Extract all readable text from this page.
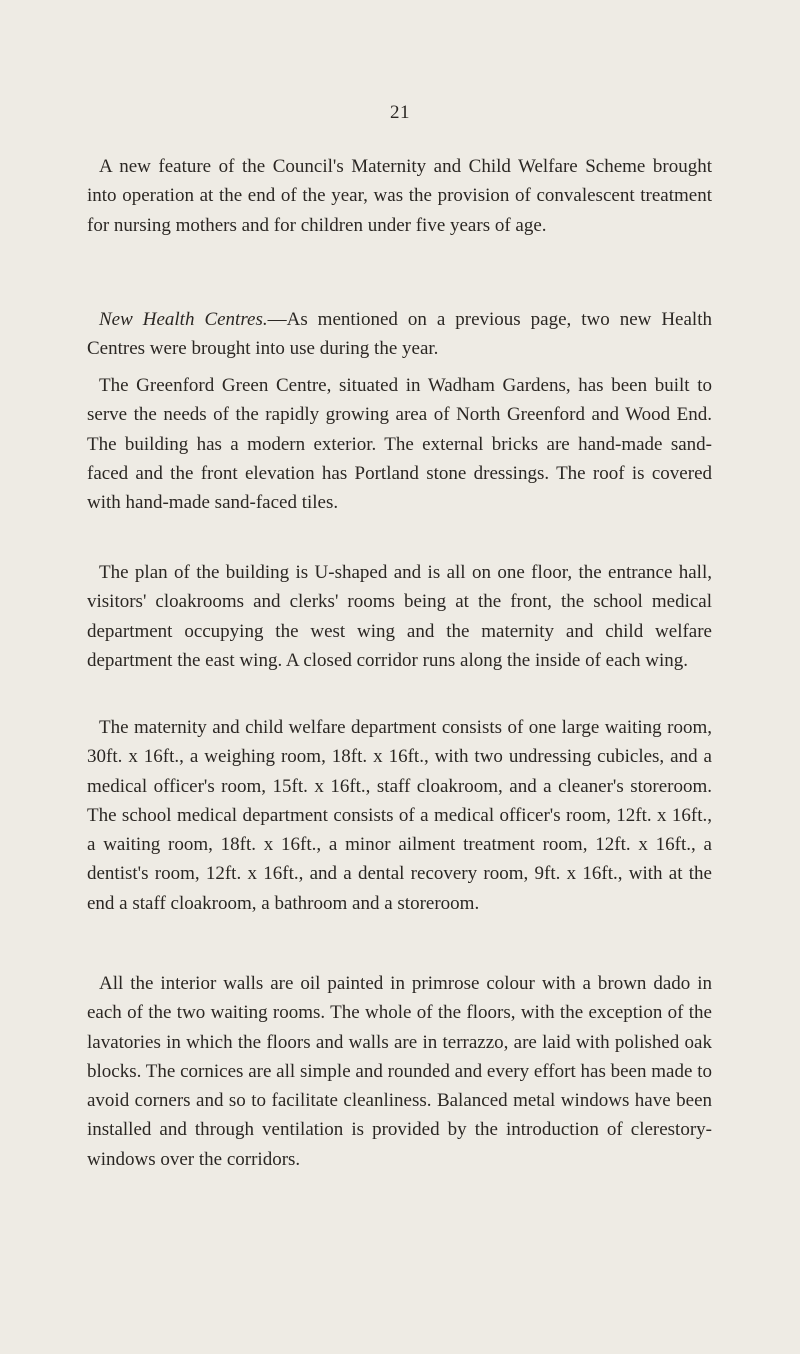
21

A new feature of the Council's Maternity and Child Welfare Scheme brought into operation at the end of the year, was the provision of convalescent treatment for nursing mothers and for children under five years of age.

New Health Centres.—As mentioned on a previous page, two new Health Centres were brought into use during the year.

The Greenford Green Centre, situated in Wadham Gardens, has been built to serve the needs of the rapidly growing area of North Greenford and Wood End. The building has a modern exterior. The external bricks are hand-made sand-faced and the front elevation has Portland stone dressings. The roof is covered with hand-made sand-faced tiles.

The plan of the building is U-shaped and is all on one floor, the entrance hall, visitors' cloakrooms and clerks' rooms being at the front, the school medical department occupying the west wing and the maternity and child welfare department the east wing. A closed corridor runs along the inside of each wing.

The maternity and child welfare department consists of one large waiting room, 30ft. x 16ft., a weighing room, 18ft. x 16ft., with two undressing cubicles, and a medical officer's room, 15ft. x 16ft., staff cloakroom, and a cleaner's storeroom. The school medical department consists of a medical officer's room, 12ft. x 16ft., a waiting room, 18ft. x 16ft., a minor ailment treatment room, 12ft. x 16ft., a dentist's room, 12ft. x 16ft., and a dental recovery room, 9ft. x 16ft., with at the end a staff cloakroom, a bathroom and a storeroom.

All the interior walls are oil painted in primrose colour with a brown dado in each of the two waiting rooms. The whole of the floors, with the exception of the lavatories in which the floors and walls are in terrazzo, are laid with polished oak blocks. The cornices are all simple and rounded and every effort has been made to avoid corners and so to facilitate cleanliness. Balanced metal windows have been installed and through ventilation is provided by the introduction of clerestory-windows over the corridors.
